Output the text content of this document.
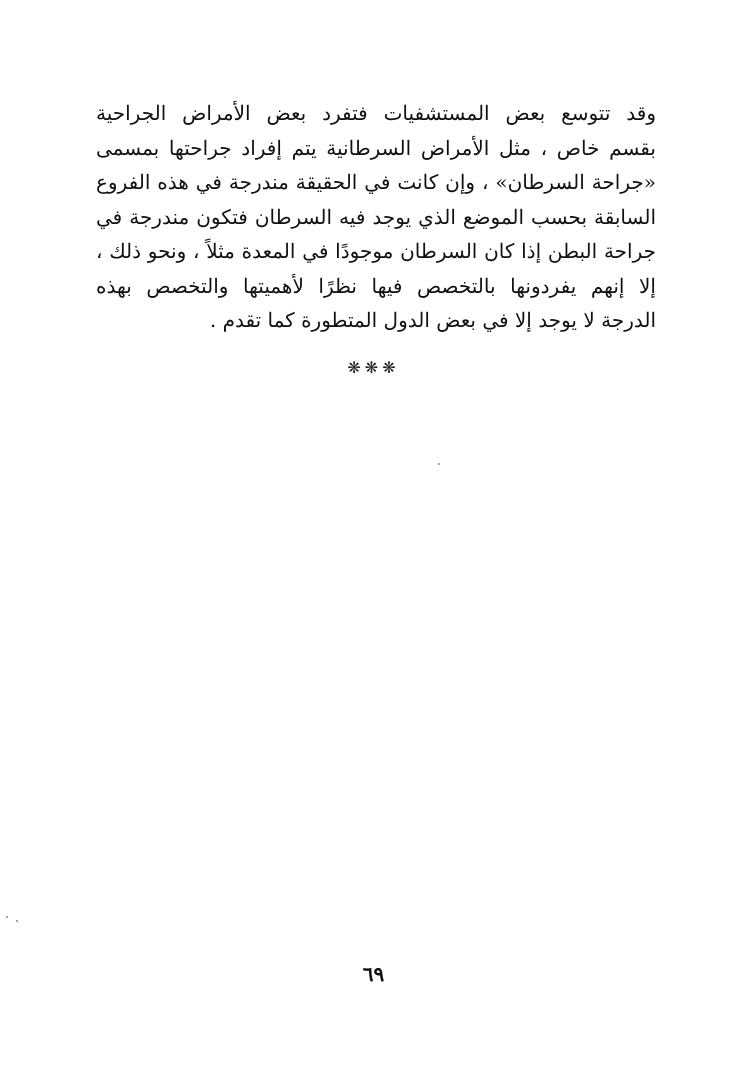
وقد تتوسع بعض المستشفيات فتفرد بعض الأمراض الجراحية
بقسم خاص ، مثل الأمراض السرطانية يتم إفراد جراحتها بمسمى
«جراحة السرطان» ، وإن كانت في الحقيقة مندرجة في هذه الفروع
السابقة بحسب الموضع الذي يوجد فيه السرطان فتكون مندرجة في
جراحة البطن إذا كان السرطان موجودًا في المعدة مثلاً ، ونحو ذلك ،
إلا إنهم يفردونها بالتخصص فيها نظرًا لأهميتها والتخصص بهذه
الدرجة لا يوجد إلا في بعض الدول المتطورة كما تقدم .
❋❋❋
٦٩
